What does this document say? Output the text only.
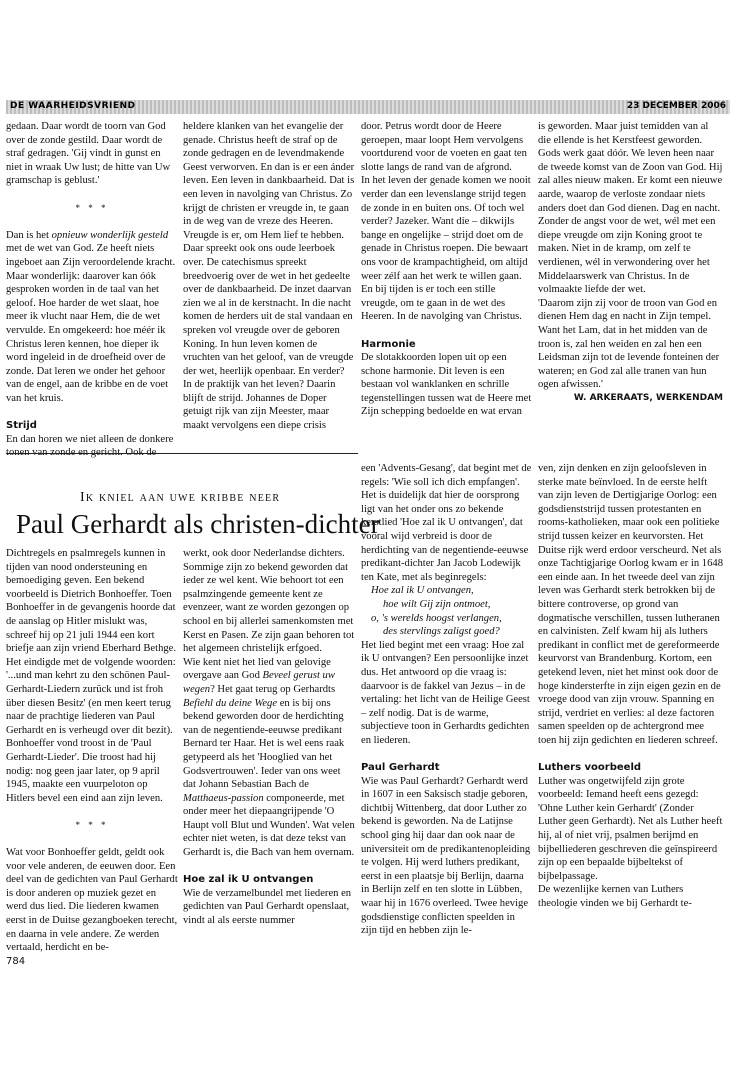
DE WAARHEIDSVRIEND	23 DECEMBER 2006

gedaan. Daar wordt de toorn van God over de zonde gestild. Daar wordt de straf gedragen. 'Gij vindt in gunst en niet in wraak Uw lust; de hitte van Uw gramschap is geblust.'

* * *

Dan is het opnieuw wonderlijk gesteld met de wet van God. Ze heeft niets ingeboet aan Zijn veroordelende kracht. Maar wonderlijk: daarover kan óók gesproken worden in de taal van het geloof. Hoe harder de wet slaat, hoe meer ik vlucht naar Hem, die de wet vervulde. En omgekeerd: hoe méér ik Christus leren kennen, hoe dieper ik word ingeleid in de droefheid over de zonde. Dat leren we onder het gehoor van de engel, aan de kribbe en de voet van het kruis.

Strijd

En dan horen we niet alleen de donkere tonen van zonde en gericht. Ook de

heldere klanken van het evangelie der genade. Christus heeft de straf op de zonde gedragen en de levendmakende Geest verworven. En dan is er een ánder leven. Een leven in dankbaarheid. Dat is een leven in navolging van Christus. Zo krijgt de christen er vreugde in, te gaan in de weg van de vreze des Heeren. Vreugde is er, om Hem lief te hebben.

Daar spreekt ook ons oude leerboek over. De catechismus spreekt breedvoerig over de wet in het gedeelte over de dankbaarheid. De inzet daarvan zien we al in de kerstnacht. In die nacht komen de herders uit de stal vandaan en spreken vol vreugde over de geboren Koning. In hun leven komen de vruchten van het geloof, van de vreugde der wet, heerlijk openbaar. En verder? In de praktijk van het leven? Daarin blijft de strijd. Johannes de Doper getuigt rijk van zijn Meester, maar maakt vervolgens een diepe crisis

door. Petrus wordt door de Heere geroepen, maar loopt Hem vervolgens voortdurend voor de voeten en gaat ten slotte langs de rand van de afgrond.

In het leven der genade komen we nooit verder dan een levenslange strijd tegen de zonde in en buiten ons. Of toch wel verder? Jazeker. Want die – dikwijls bange en ongelijke – strijd doet om de genade in Christus roepen. Die bewaart ons voor de krampachtigheid, om altijd weer zélf aan het werk te willen gaan. En bij tijden is er toch een stille vreugde, om te gaan in de wet des Heeren. In de navolging van Christus.

Harmonie

De slotakkoorden lopen uit op een schone harmonie. Dit leven is een bestaan vol wanklanken en schrille tegenstellingen tussen wat de Heere met Zijn schepping bedoelde en wat ervan

is geworden. Maar juist temidden van al die ellende is het Kerstfeest geworden.

Gods werk gaat dóór. We leven heen naar de tweede komst van de Zoon van God. Hij zal alles nieuw maken. Er komt een nieuwe aarde, waarop de verloste zondaar niets anders doet dan God dienen. Dag en nacht. Zonder de angst voor de wet, wél met een diepe vreugde om zijn Koning groot te maken. Niet in de kramp, om zelf te verdienen, wél in verwondering over het Middelaarswerk van Christus. In de volmaakte liefde der wet.

'Daarom zijn zij voor de troon van God en dienen Hem dag en nacht in Zijn tempel. Want het Lam, dat in het midden van de troon is, zal hen weiden en zal hen een Leidsman zijn tot de levende fonteinen der wateren; en God zal alle tranen van hun ogen afwissen.'

W. ARKERAATS, WERKENDAM

Ik kniel aan uwe kribbe neer
Paul Gerhardt als christen-dichter

Dichtregels en psalmregels kunnen in tijden van nood ondersteuning en bemoediging geven. Een bekend voorbeeld is Dietrich Bonhoeffer. Toen Bonhoeffer in de gevangenis hoorde dat de aanslag op Hitler mislukt was, schreef hij op 21 juli 1944 een kort briefje aan zijn vriend Eberhard Bethge. Het eindigde met de volgende woorden: '...und man kehrt zu den schönen Paul-Gerhardt-Liedern zurück und ist froh über diesen Besitz' (en men keert terug naar de prachtige liederen van Paul Gerhardt en is verheugd over dit bezit). Bonhoeffer vond troost in de 'Paul Gerhardt-Lieder'. Die troost had hij nodig: nog geen jaar later, op 9 april 1945, maakte een vuurpeloton op Hitlers bevel een eind aan zijn leven.

* * *

Wat voor Bonhoeffer geldt, geldt ook voor vele anderen, de eeuwen door. Een deel van de gedichten van Paul Gerhardt is door anderen op muziek gezet en werd dus lied. Die liederen kwamen eerst in de Duitse gezangboeken terecht, en daarna in vele andere. Ze werden vertaald, herdicht en be-

784

werkt, ook door Nederlandse dichters. Sommige zijn zo bekend geworden dat ieder ze wel kent. Wie behoort tot een psalmzingende gemeente kent ze evenzeer, want ze worden gezongen op school en bij allerlei samenkomsten met Kerst en Pasen. Ze zijn gaan behoren tot het algemeen christelijk erfgoed.

Wie kent niet het lied van gelovige overgave aan God Beveel gerust uw wegen? Het gaat terug op Gerhardts Befiehl du deine Wege en is bij ons bekend geworden door de herdichting van de negentiende-eeuwse predikant Bernard ter Haar. Het is wel eens raak getypeerd als het 'Hooglied van het Godsvertrouwen'. Ieder van ons weet dat Johann Sebastian Bach de Matthaeus-passion componeerde, met onder meer het diepaangrijpende 'O Haupt voll Blut und Wunden'. Wat velen echter niet weten, is dat deze tekst van Gerhardt is, die Bach van hem overnam.

Hoe zal ik U ontvangen

Wie de verzamelbundel met liederen en gedichten van Paul Gerhardt openslaat, vindt al als eerste nummer

een 'Advents-Gesang', dat begint met de regels: 'Wie soll ich dich empfangen'. Het is duidelijk dat hier de oorsprong ligt van het onder ons zo bekende kerstlied 'Hoe zal ik U ontvangen', dat vooral wijd verbreid is door de herdichting van de negentiende-eeuwse predikant-dichter Jan Jacob Lodewijk ten Kate, met als beginregels:

Hoe zal ik U ontvangen,

hoe wilt Gij zijn ontmoet,

o, 's werelds hoogst verlangen,

des stervlings zaligst goed?

Het lied begint met een vraag: Hoe zal ik U ontvangen? Een persoonlijke inzet dus. Het antwoord op die vraag is: daarvoor is de fakkel van Jezus – in de vertaling: het licht van de Heilige Geest – zelf nodig. Dat is de warme, subjectieve toon in Gerhardts gedichten en liederen.

Paul Gerhardt

Wie was Paul Gerhardt? Gerhardt werd in 1607 in een Saksisch stadje geboren, dichtbij Wittenberg, dat door Luther zo bekend is geworden. Na de Latijnse school ging hij daar dan ook naar de universiteit om de predikantenopleiding te volgen. Hij werd luthers predikant, eerst in een plaatsje bij Berlijn, daarna in Berlijn zelf en ten slotte in Lübben, waar hij in 1676 overleed. Twee hevige godsdienstige conflicten speelden in zijn tijd en hebben zijn le-

ven, zijn denken en zijn geloofsleven in sterke mate beïnvloed. In de eerste helft van zijn leven de Dertigjarige Oorlog: een godsdienststrijd tussen protestanten en rooms-katholieken, maar ook een politieke strijd tussen keizer en keurvorsten. Het Duitse rijk werd erdoor verscheurd. Net als onze Tachtigjarige Oorlog kwam er in 1648 een einde aan. In het tweede deel van zijn leven was Gerhardt sterk betrokken bij de bittere controverse, op grond van dogmatische verschillen, tussen lutheranen en calvinisten. Zelf kwam hij als luthers predikant in conflict met de gereformeerde keurvorst van Brandenburg. Kortom, een getekend leven, niet het minst ook door de hoge kindersterfte in zijn eigen gezin en de vroege dood van zijn vrouw. Spanning en strijd, verdriet en verlies: al deze factoren samen speelden op de achtergrond mee toen hij zijn gedichten en liederen schreef.

Luthers voorbeeld

Luther was ongetwijfeld zijn grote voorbeeld: Iemand heeft eens gezegd: 'Ohne Luther kein Gerhardt' (Zonder Luther geen Gerhardt). Net als Luther heeft hij, al of niet vrij, psalmen berijmd en bijbelliederen geschreven die geïnspireerd zijn op een bepaalde bijbeltekst of bijbelpassage.

De wezenlijke kernen van Luthers theologie vinden we bij Gerhardt te-
